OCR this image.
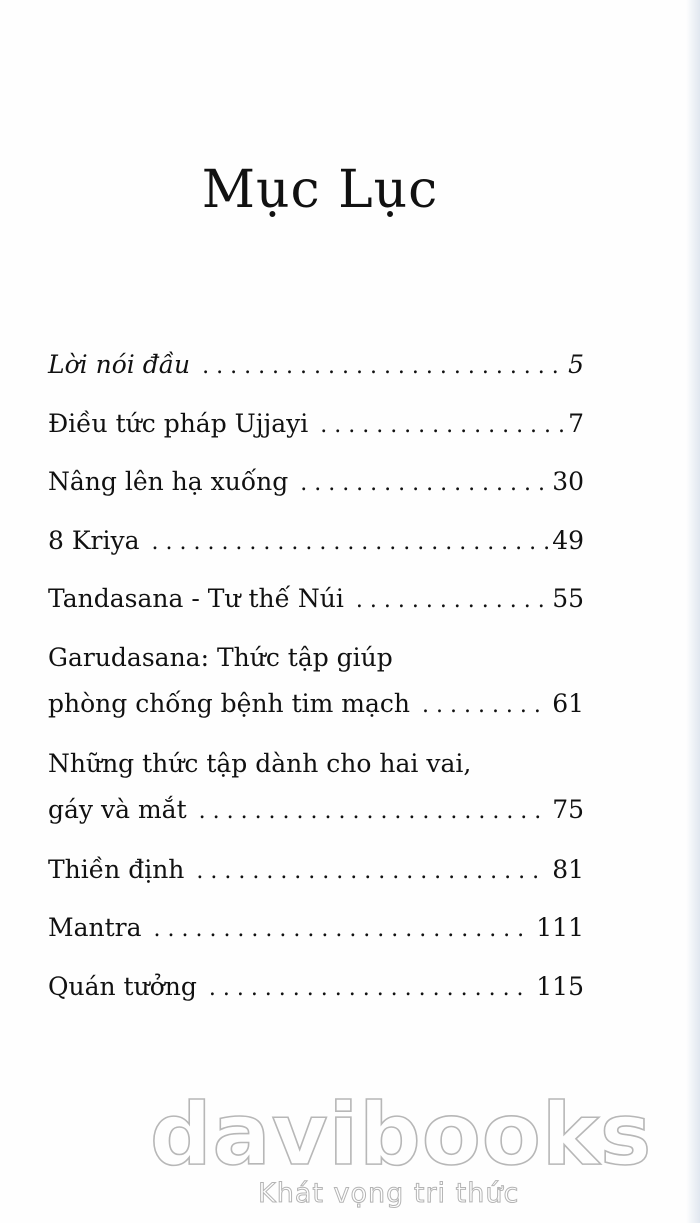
Mục Lục
Lời nói đầu . . .	5
Điều tức pháp Ujjayi . . .	7
Nâng lên hạ xuống . . .	30
8 Kriya . . .	49
Tandasana - Tư thế Núi . . .	55
Garudasana: Thức tập giúp
phòng chống bệnh tim mạch . . .	61
Những thức tập dành cho hai vai,
gáy và mắt . . .	75
Thiền định . . .	81
Mantra . . .	111
Quán tưởng . . .	115
davibooks
Khát vọng tri thức
